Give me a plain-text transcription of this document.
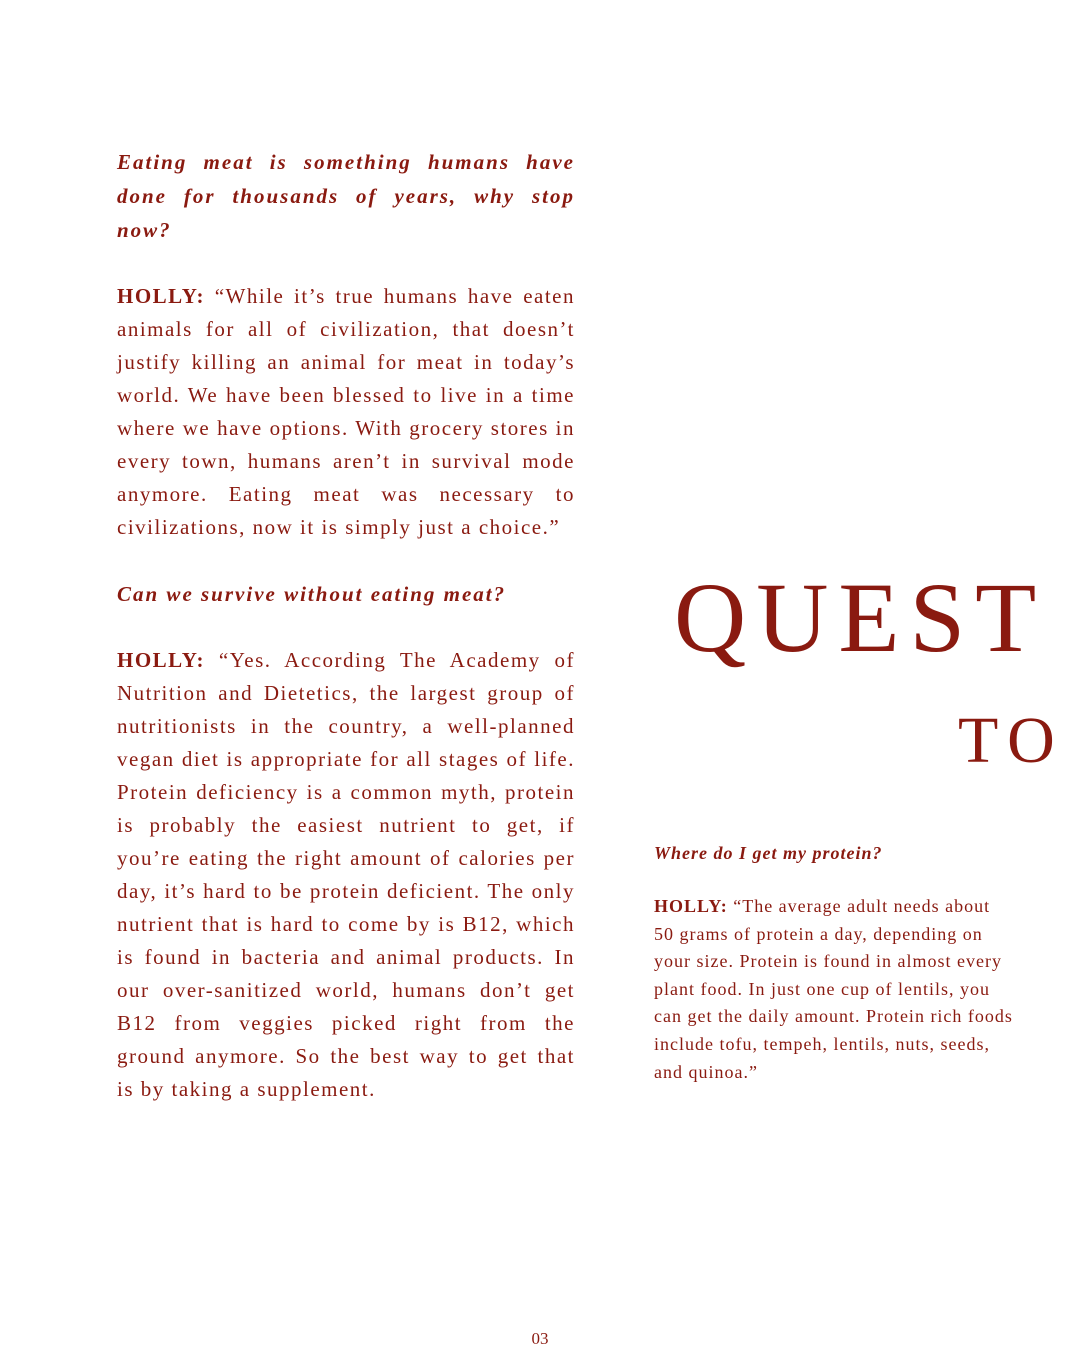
Eating meat is something humans have done for thousands of years, why stop now?

HOLLY: “While it’s true humans have eaten animals for all of civilization, that doesn’t justify killing an animal for meat in today’s world. We have been blessed to live in a time where we have options. With grocery stores in every town, humans aren’t in survival mode anymore. Eating meat was necessary to civilizations, now it is simply just a choice.”

Can we survive without eating meat?

HOLLY: “Yes. According The Academy of Nutrition and Dietetics, the largest group of nutritionists in the country, a well-planned vegan diet is appropriate for all stages of life. Protein deficiency is a common myth, protein is probably the easiest nutrient to get, if you’re eating the right amount of calories per day, it’s hard to be protein deficient. The only nutrient that is hard to come by is B12, which is found in bacteria and animal products. In our over-sanitized world, humans don’t get B12 from veggies picked right from the ground anymore. So the best way to get that is by taking a supplement.

QUEST
TO

Where do I get my protein?

HOLLY: “The average adult needs about 50 grams of protein a day, depending on your size. Protein is found in almost every plant food. In just one cup of lentils, you can get the daily amount. Protein rich foods include tofu, tempeh, lentils, nuts, seeds, and quinoa.”

03
